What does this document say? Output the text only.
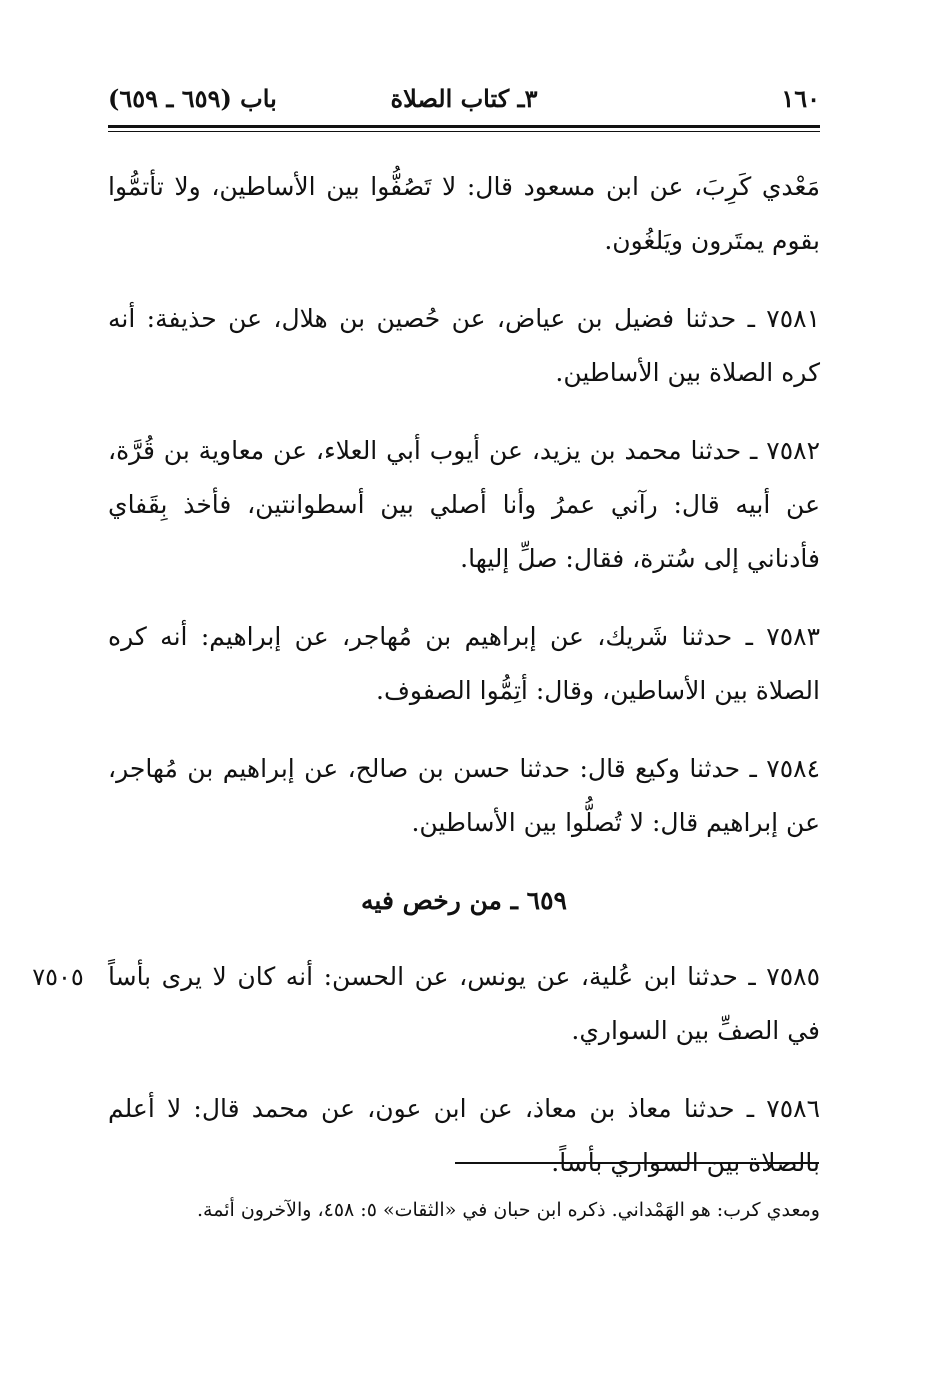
١٦٠
٣ـ كتاب الصلاة
باب (٦٥٩ ـ ٦٥٩)

مَعْدي كَرِبَ، عن ابن مسعود قال: لا تَصُفُّوا بين الأساطين، ولا تأتمُّوا بقوم يمتَرون ويَلغُون.

٧٥٨١ ـ حدثنا فضيل بن عياض، عن حُصين بن هلال، عن حذيفة: أنه كره الصلاة بين الأساطين.

٧٥٨٢ ـ حدثنا محمد بن يزيد، عن أيوب أبي العلاء، عن معاوية بن قُرَّة، عن أبيه قال: رآني عمرُ وأنا أصلي بين أسطوانتين، فأخذ بِقَفاي فأدناني إلى سُترة، فقال: صلِّ إليها.

٧٥٨٣ ـ حدثنا شَريك، عن إبراهيم بن مُهاجر، عن إبراهيم: أنه كره الصلاة بين الأساطين، وقال: أتِمُّوا الصفوف.

٧٥٨٤ ـ حدثنا وكيع قال: حدثنا حسن بن صالح، عن إبراهيم بن مُهاجر، عن إبراهيم قال: لا تُصلُّوا بين الأساطين.

٦٥٩ ـ من رخص فيه
٧٥٠٥ ٧٥٨٥ ـ حدثنا ابن عُلية، عن يونس، عن الحسن: أنه كان لا يرى بأساً في الصفِّ بين السواري.

٧٥٨٦ ـ حدثنا معاذ بن معاذ، عن ابن عون، عن محمد قال: لا أعلم بالصلاة بين السواري بأساً.

ومعدي كرب: هو الهَمْداني. ذكره ابن حبان في «الثقات» ٥: ٤٥٨، والآخرون أئمة.
